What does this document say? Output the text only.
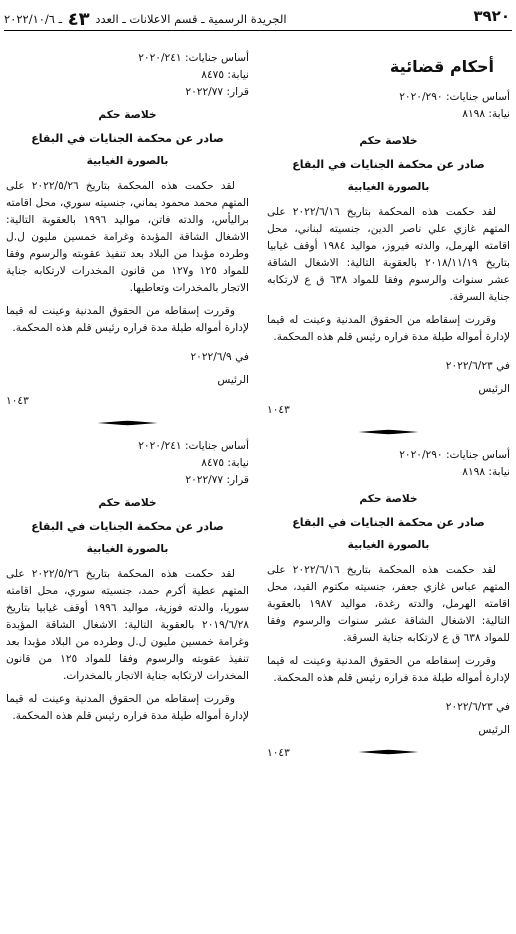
٣٩٢٠
الجريدة الرسمية ـ قسم الاعلانات ـ العدد ٤٣ ـ ٢٠٢٢/١٠/٦
أحكام قضائية

أساس جنايات: ٢٠٢٠/٢٩٠

نيابة: ٨١٩٨

خلاصة حكم

صادر عن محكمة الجنايات في البقاع

بالصورة الغيابية

لقد حكمت هذه المحكمة بتاريخ ٢٠٢٢/٦/١٦ على المتهم غازي علي ناصر الدين، جنسيته لبناني، محل اقامته الهرمل، والدته فيروز، مواليد ١٩٨٤ أوقف غيابيا بتاريخ ٢٠١٨/١١/١٩ بالعقوبة التالية: الاشغال الشاقة عشر سنوات والرسوم وفقا للمواد ٦٣٨ ق ع لارتكابه جناية السرقة.

وقررت إسقاطه من الحقوق المدنية وعينت له قيما لإدارة أمواله طيلة مدة فراره رئيس قلم هذه المحكمة.

في ٢٠٢٢/٦/٢٣

الرئيس

١٠٤٣

أساس جنايات: ٢٠٢٠/٢٩٠

نيابة: ٨١٩٨

خلاصة حكم

صادر عن محكمة الجنايات في البقاع

بالصورة الغيابية

لقد حكمت هذه المحكمة بتاريخ ٢٠٢٢/٦/١٦ على المتهم عباس غازي جعفر، جنسيته مكتوم القيد، محل اقامته الهرمل، والدته رغدة، مواليد ١٩٨٧ بالعقوبة التالية: الاشغال الشاقة عشر سنوات والرسوم وفقا للمواد ٦٣٨ ق ع لارتكابه جناية السرقة.

وقررت إسقاطه من الحقوق المدنية وعينت له قيما لإدارة أمواله طيلة مدة فراره رئيس قلم هذه المحكمة.

في ٢٠٢٢/٦/٢٣

الرئيس

١٠٤٣

أساس جنايات: ٢٠٢٠/٢٤١

نيابة: ٨٤٧٥

قرار: ٢٠٢٢/٧٧

خلاصة حكم

صادر عن محكمة الجنايات في البقاع

بالصورة الغيابية

لقد حكمت هذه المحكمة بتاريخ ٢٠٢٢/٥/٢٦ على المتهم محمد محمود يماني، جنسيته سوري، محل اقامته براليأس، والدته فاتن، مواليد ١٩٩٦ بالعقوبة التالية: الاشغال الشاقة المؤبدة وغرامة خمسين مليون ل.ل وطرده مؤبدا من البلاد بعد تنفيذ عقوبته والرسوم وفقا للمواد ١٢٥ و١٢٧ من قانون المخدرات لارتكابه جناية الاتجار بالمخدرات وتعاطيها.

وقررت إسقاطه من الحقوق المدنية وعينت له قيما لإدارة أمواله طيلة مدة فراره رئيس قلم هذه المحكمة.

في ٢٠٢٢/٦/٩

الرئيس

١٠٤٣

أساس جنايات: ٢٠٢٠/٢٤١

نيابة: ٨٤٧٥

قرار: ٢٠٢٢/٧٧

خلاصة حكم

صادر عن محكمة الجنايات في البقاع

بالصورة الغيابية

لقد حكمت هذه المحكمة بتاريخ ٢٠٢٢/٥/٢٦ على المتهم عطية أكرم حمد، جنسيته سوري، محل اقامته سوريا، والدته فوزية، مواليد ١٩٩٦ أوقف غيابيا بتاريخ ٢٠١٩/٦/٢٨ بالعقوبة التالية: الاشغال الشاقة المؤبدة وغرامة خمسين مليون ل.ل وطرده من البلاد مؤبدا بعد تنفيذ عقوبته والرسوم وفقا للمواد ١٢٥ من قانون المخدرات لارتكابه جناية الاتجار بالمخدرات.

وقررت إسقاطه من الحقوق المدنية وعينت له قيما لإدارة أمواله طيلة مدة فراره رئيس قلم هذه المحكمة.
